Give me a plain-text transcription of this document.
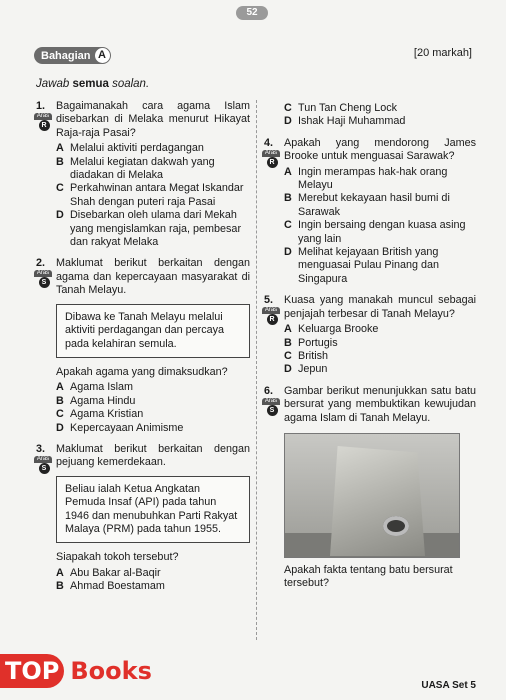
52
Bahagian A	[20 markah]
Jawab semua soalan.
1.
Aras
R
Bagaimanakah cara agama Islam disebarkan di Melaka menurut Hikayat Raja-raja Pasai?
A Melalui aktiviti perdagangan
B Melalui kegiatan dakwah yang diadakan di Melaka
C Perkahwinan antara Megat Iskandar Shah dengan puteri raja Pasai
D Disebarkan oleh ulama dari Mekah yang mengislamkan raja, pembesar dan rakyat Melaka
2.
Aras
S
Maklumat berikut berkaitan dengan agama dan kepercayaan masyarakat di Tanah Melayu.
Dibawa ke Tanah Melayu melalui aktiviti perdagangan dan percaya pada kelahiran semula.
Apakah agama yang dimaksudkan?
A Agama Islam
B Agama Hindu
C Agama Kristian
D Kepercayaan Animisme
3.
Aras
S
Maklumat berikut berkaitan dengan pejuang kemerdekaan.
Beliau ialah Ketua Angkatan Pemuda Insaf (API) pada tahun 1946 dan menubuhkan Parti Rakyat Malaya (PRM) pada tahun 1955.
Siapakah tokoh tersebut?
A Abu Bakar al-Baqir
B Ahmad Boestamam
C Tun Tan Cheng Lock
D Ishak Haji Muhammad
4.
Aras
R
Apakah yang mendorong James Brooke untuk menguasai Sarawak?
A Ingin merampas hak-hak orang Melayu
B Merebut kekayaan hasil bumi di Sarawak
C Ingin bersaing dengan kuasa asing yang lain
D Melihat kejayaan British yang menguasai Pulau Pinang dan Singapura
5.
Aras
R
Kuasa yang manakah muncul sebagai penjajah terbesar di Tanah Melayu?
A Keluarga Brooke
B Portugis
C British
D Jepun
6.
Aras
S
Gambar berikut menunjukkan satu batu bersurat yang membuktikan kewujudan agama Islam di Tanah Melayu.
Apakah fakta tentang batu bersurat tersebut?
TOP Books
UASA Set 5
